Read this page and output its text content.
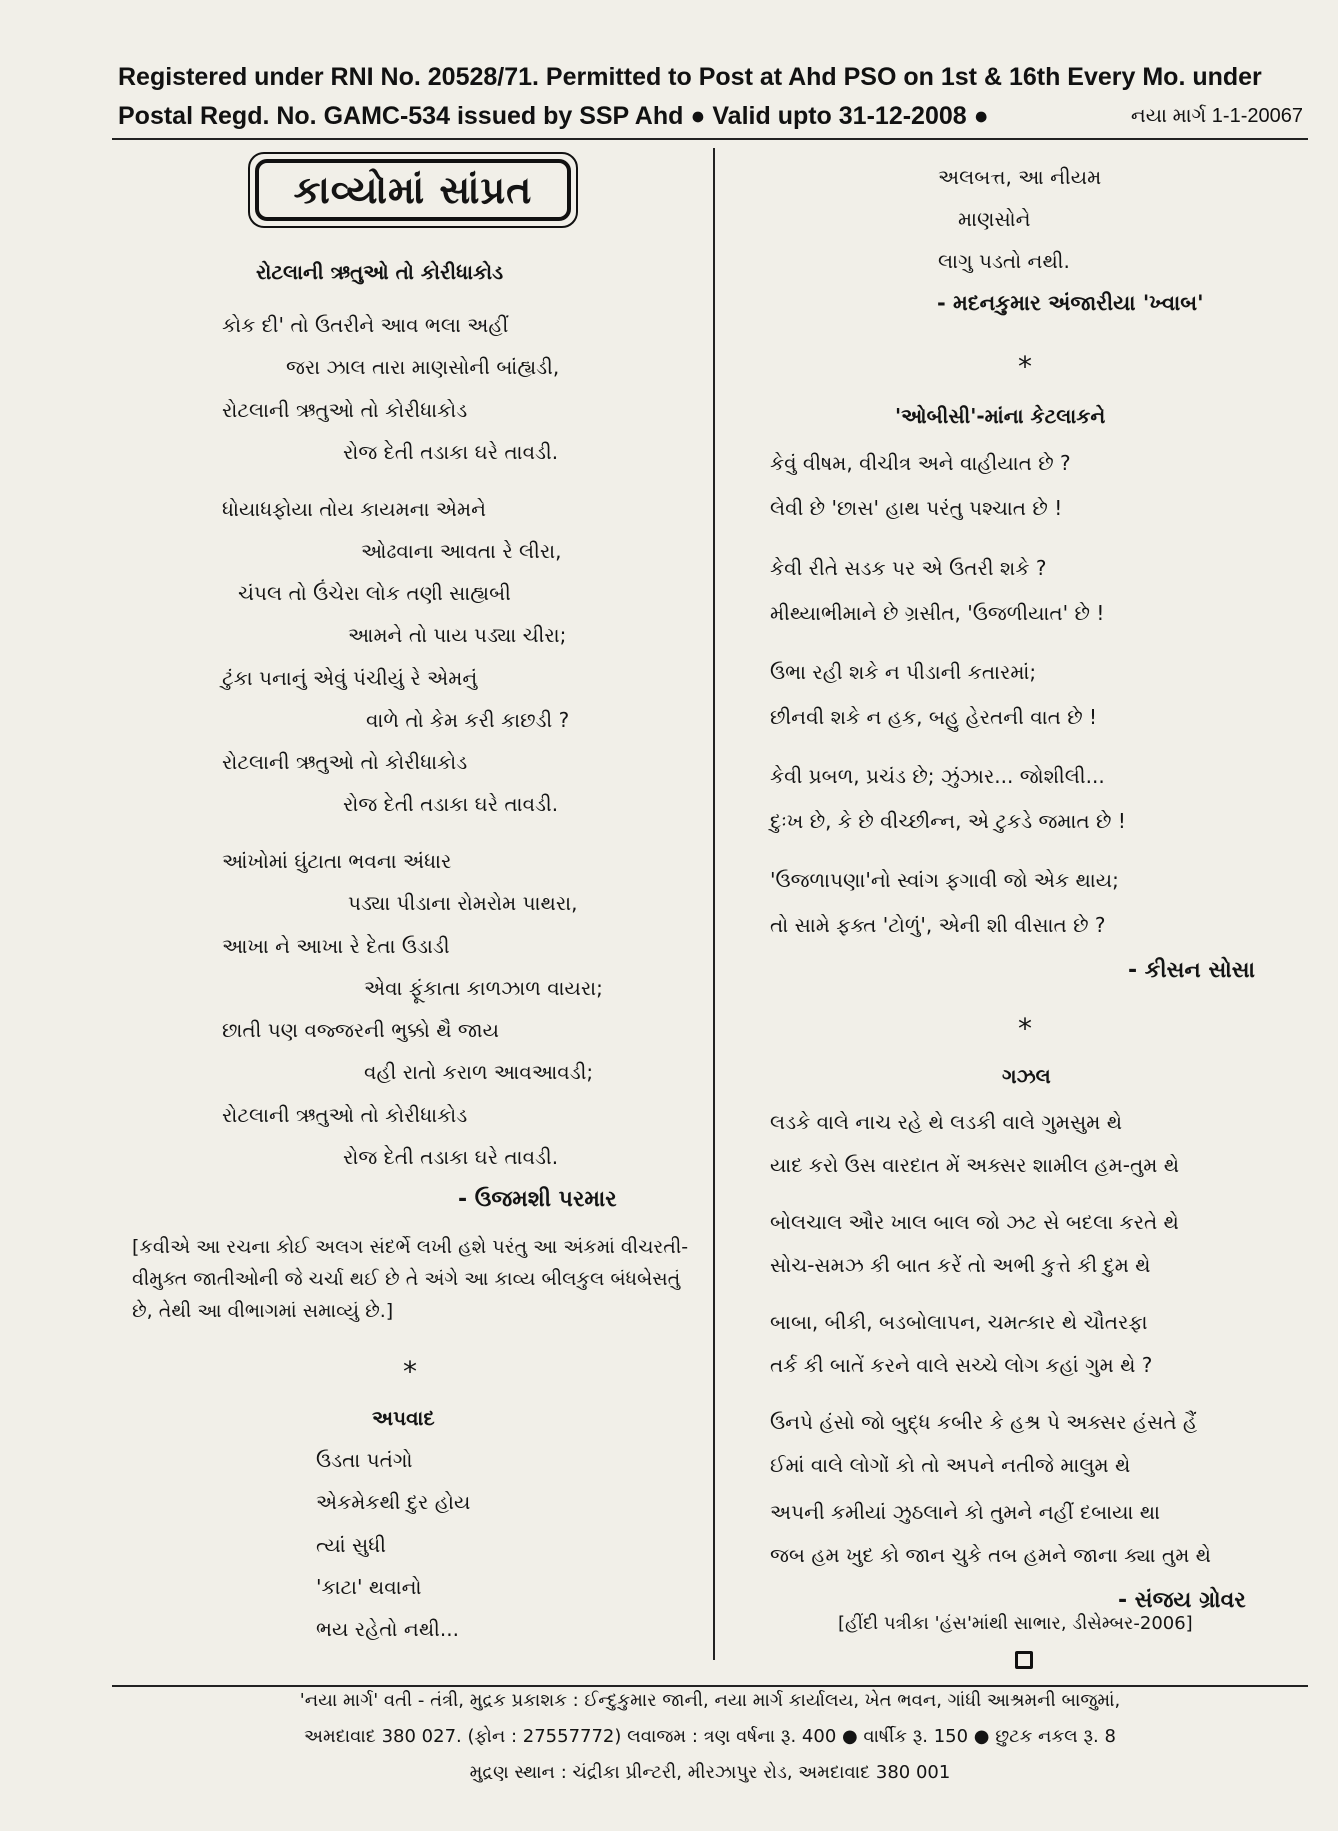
Registered under RNI No. 20528/71. Permitted to Post at Ahd PSO on 1st & 16th Every Mo. under
Postal Regd. No. GAMC-534 issued by SSP Ahd ● Valid upto 31-12-2008 ●	નયા માર્ગ 1-1-20067
કાવ્યોમાં સાંપ્રત
રોટલાની ઋતુઓ તો કોરીધાકોડ
કોક દી' તો ઉતરીને આવ ભલા અહીં
જરા ઝાલ તારા માણસોની બાંહ્યડી,
રોટલાની ઋતુઓ તો કોરીધાકોડ
રોજ દેતી તડાકા ઘરે તાવડી.
ધોયાધફોયા તોય કાયમના એમને
ઓઢવાના આવતા રે લીરા,
ચંપલ તો ઉંચેરા લોક તણી સાહ્યબી
આમને તો પાય પડ્યા ચીરા;
ટુંકા પનાનું એવું પંચીયું રે એમનું
વાળે તો કેમ કરી કાછડી ?
રોટલાની ઋતુઓ તો કોરીધાકોડ
રોજ દેતી તડાકા ઘરે તાવડી.
આંખોમાં ઘુંટાતા ભવના અંધાર
પડ્યા પીડાના રોમરોમ પાથરા,
આખા ને આખા રે દેતા ઉડાડી
એવા ફૂંકાતા કાળઝાળ વાયરા;
છાતી પણ વજ્જરની ભુક્કો થૈ જાય
વહી રાતો કરાળ આવઆવડી;
રોટલાની ઋતુઓ તો કોરીધાકોડ
રોજ દેતી તડાકા ઘરે તાવડી.
- ઉજમશી પરમાર
[કવીએ આ રચના કોઈ અલગ સંદર્ભે લખી હશે પરંતુ આ અંકમાં વીચરતી-વીમુક્ત જાતીઓની જે ચર્ચા થઈ છે તે અંગે આ કાવ્ય બીલકુલ બંધબેસતું છે, તેથી આ વીભાગમાં સમાવ્યું છે.]
*
અપવાદ
ઉડતા પતંગો
એકમેકથી દુર હોય
ત્યાં સુધી
'કાટા' થવાનો
ભય રહેતો નથી...
અલબત્ત, આ નીયમ
માણસોને
લાગુ પડતો નથી.
- મદનકુમાર અંજારીયા 'ખ્વાબ'
*
'ઓબીસી'-માંના કેટલાકને
કેવું વીષમ, વીચીત્ર અને વાહીયાત છે ?
લેવી છે 'છાસ' હાથ પરંતુ પશ્ચાત છે !
કેવી રીતે સડક પર એ ઉતરી શકે ?
મીથ્યાભીમાને છે ગ્રસીત, 'ઉજળીયાત' છે !
ઉભા રહી શકે ન પીડાની કતારમાં;
છીનવી શકે ન હક, બહુ હેરતની વાત છે !
કેવી પ્રબળ, પ્રચંડ છે; ઝુંઝાર... જોશીલી...
દુઃખ છે, કે છે વીચ્છીન્ન, એ ટુકડે જમાત છે !
'ઉજળાપણા'નો સ્વાંગ ફગાવી જો એક થાય;
તો સામે ફક્ત 'ટોળું', એની શી વીસાત છે ?
- કીસન સોસા
*
ગઝલ
લડકે વાલે નાચ રહે થે લડકી વાલે ગુમસુમ થે
યાદ કરો ઉસ વારદાત મેં અક્સર શામીલ હમ-તુમ થે
બોલચાલ ઔર ખાલ બાલ જો ઝટ સે બદલા કરતે થે
સોચ-સમઝ કી બાત કરેં તો અભી કુત્તે કી દુમ થે
બાબા, બીકી, બડબોલાપન, ચમત્કાર થે ચૌતરફા
તર્ક કી બાતેં કરને વાલે સચ્ચે લોગ કહાં ગુમ થે ?
ઉનપે હંસો જો બુદ્ધ કબીર કે હશ્ર પે અક્સર હંસતે હૈં
ઈમાં વાલે લોગોં કો તો અપને નતીજે માલુમ થે
અપની કમીયાં ઝુઠલાને કો તુમને નહીં દબાયા થા
જબ હમ ખુદ કો જાન ચુકે તબ હમને જાના ક્યા તુમ થે
- સંજય ગ્રોવર
[હીંદી પત્રીકા 'હંસ'માંથી સાભાર, ડીસેમ્બર-2006]
'નયા માર્ગ' વતી - તંત્રી, મુદ્રક પ્રકાશક : ઈન્દુકુમાર જાની, નયા માર્ગ કાર્યાલય, ખેત ભવન, ગાંધી આશ્રમની બાજુમાં,
અમદાવાદ 380 027. (ફોન : 27557772) લવાજમ : ત્રણ વર્ષના રૂ. 400 ● વાર્ષીક રૂ. 150 ● છુટક નકલ રૂ. 8
મુદ્રણ સ્થાન : ચંદ્રીકા પ્રીન્ટરી, મીરઝાપુર રોડ, અમદાવાદ 380 001
